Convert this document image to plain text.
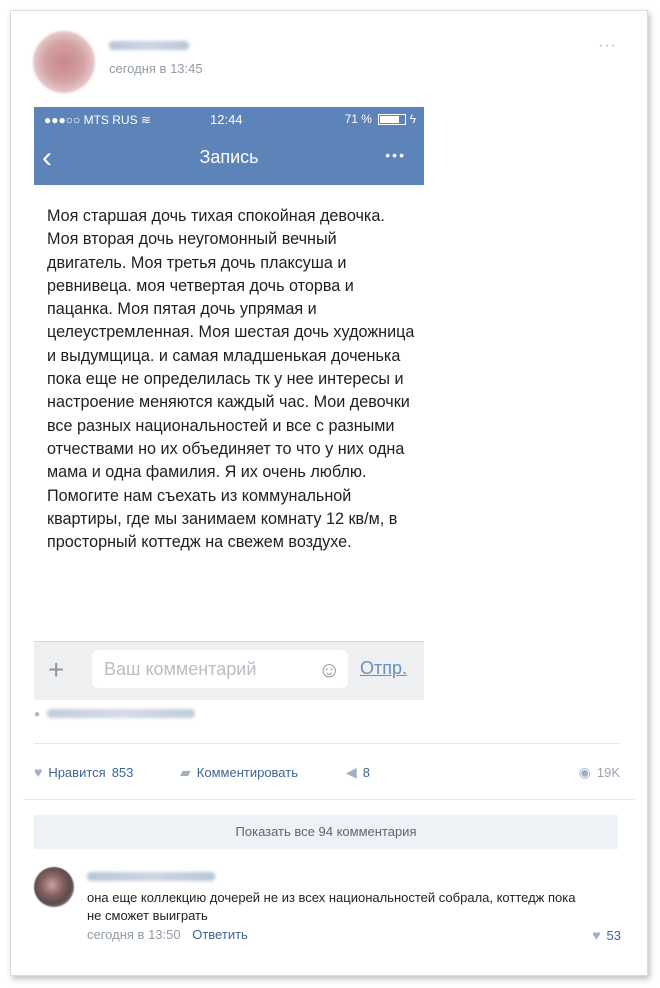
сегодня в 13:45
···
●●●○○ MTS RUS ≋	12:44	71 %	ϟ
‹	Запись	•••

Моя старшая дочь тихая спокойная девочка. Моя вторая дочь неугомонный вечный двигатель. Моя третья дочь плаксуша и ревнивеца. моя четвертая дочь оторва и пацанка. Моя пятая дочь упрямая и целеустремленная. Моя шестая дочь художница и выдумщица. и самая младшенькая доченька пока еще не определилась тк у нее интересы и настроение меняются каждый час. Мои девочки все разных национальностей и все с разными отчествами но их объединяет то что у них одна мама и одна фамилия. Я их очень люблю. Помогите нам съехать из коммунальной квартиры, где мы занимаем комнату 12 кв/м, в просторный коттедж на свежем воздухе.

+
Ваш комментарий	☺ Отпр.
●
♥ Нравится 853	▰ Комментировать	◀ 8	◉ 19K
Показать все 94 комментария
она еще коллекцию дочерей не из всех национальностей собрала, коттедж пока не сможет выиграть
сегодня в 13:50 Ответить	♥ 53
